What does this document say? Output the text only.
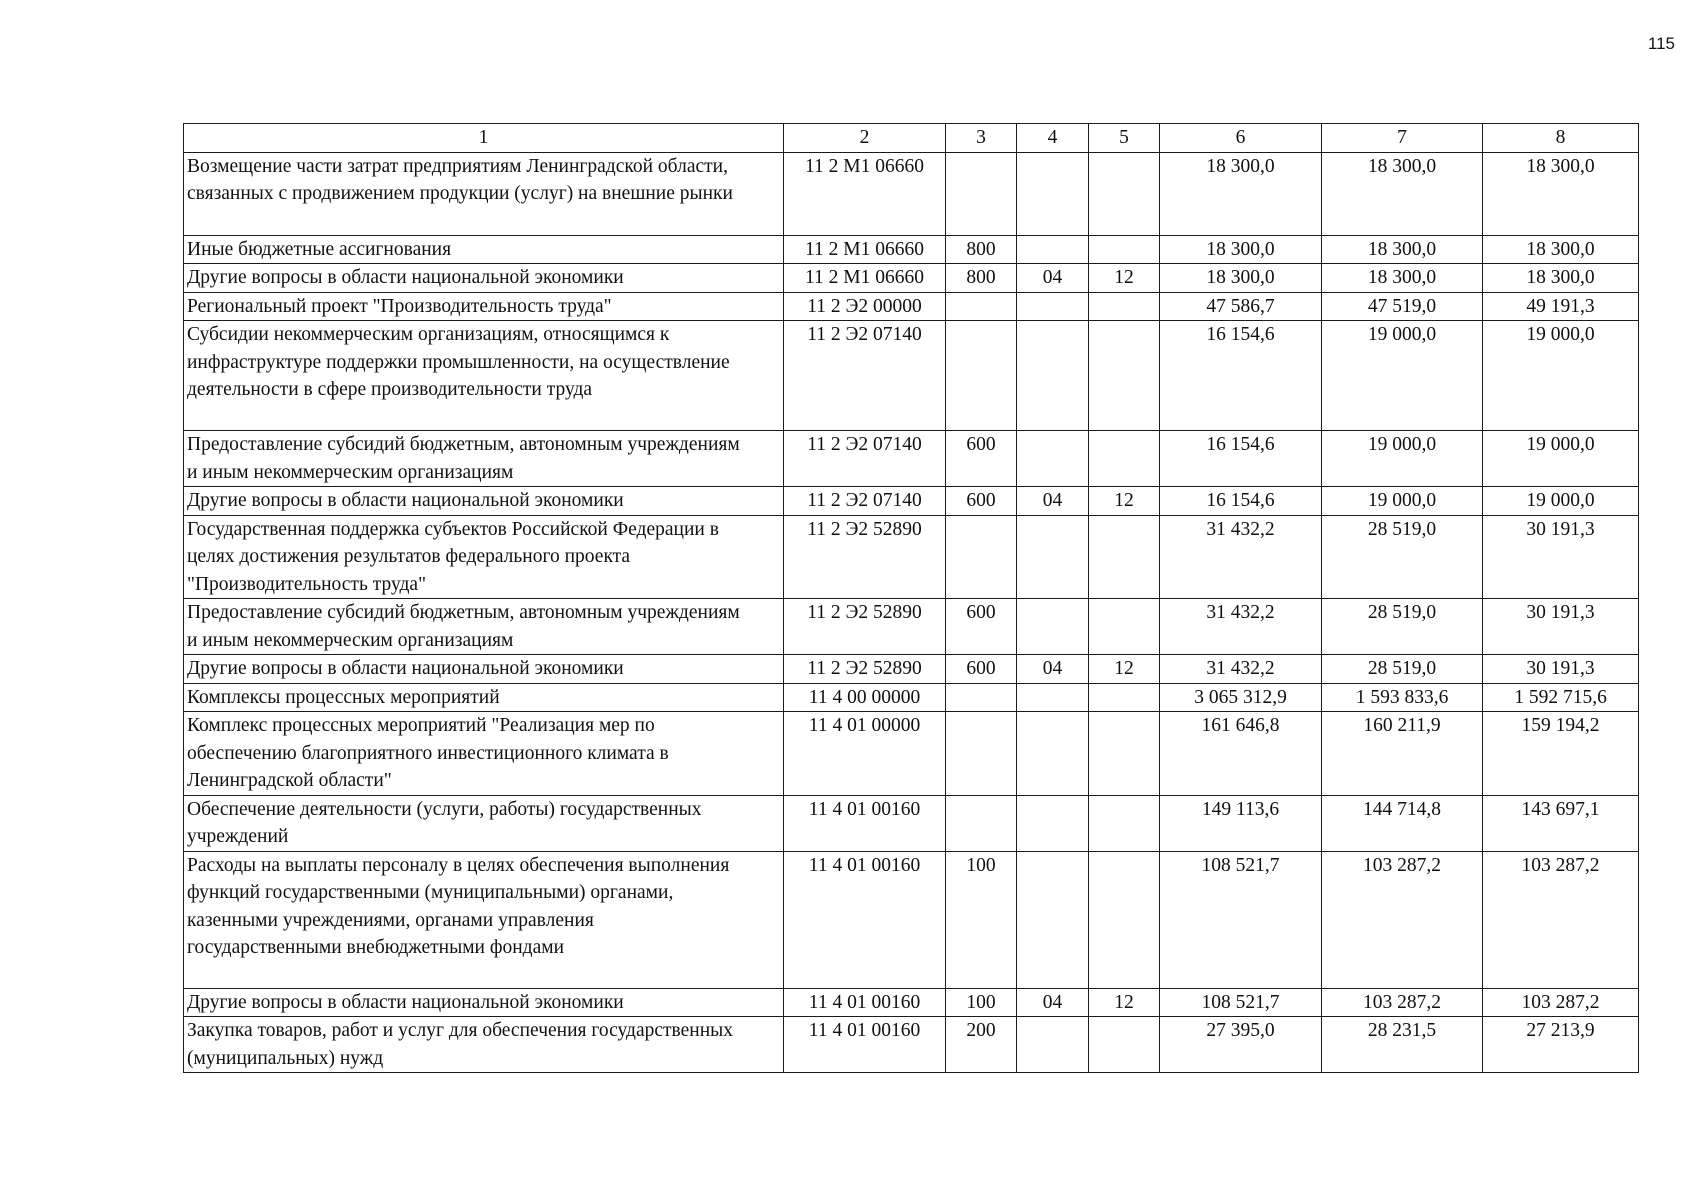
115
1	2	3	4	5	6	7	8

Возмещение части затрат предприятиям Ленинградской области,
связанных с продвижением продукции (услуг) на внешние рынки	11 2 M1 06660				18 300,0	18 300,0	18 300,0

Иные бюджетные ассигнования	11 2 M1 06660	800			18 300,0	18 300,0	18 300,0

Другие вопросы в области национальной экономики	11 2 M1 06660	800	04	12	18 300,0	18 300,0	18 300,0

Региональный проект "Производительность труда"	11 2 Э2 00000				47 586,7	47 519,0	49 191,3

Субсидии некоммерческим организациям, относящимся к
инфраструктуре поддержки промышленности, на осуществление
деятельности в сфере производительности труда	11 2 Э2 07140				16 154,6	19 000,0	19 000,0

Предоставление субсидий бюджетным, автономным учреждениям
и иным некоммерческим организациям	11 2 Э2 07140	600			16 154,6	19 000,0	19 000,0

Другие вопросы в области национальной экономики	11 2 Э2 07140	600	04	12	16 154,6	19 000,0	19 000,0

Государственная поддержка субъектов Российской Федерации в
целях достижения результатов федерального проекта
"Производительность труда"	11 2 Э2 52890				31 432,2	28 519,0	30 191,3

Предоставление субсидий бюджетным, автономным учреждениям
и иным некоммерческим организациям	11 2 Э2 52890	600			31 432,2	28 519,0	30 191,3

Другие вопросы в области национальной экономики	11 2 Э2 52890	600	04	12	31 432,2	28 519,0	30 191,3

Комплексы процессных мероприятий	11 4 00 00000				3 065 312,9	1 593 833,6	1 592 715,6

Комплекс процессных мероприятий "Реализация мер по
обеспечению благоприятного инвестиционного климата в
Ленинградской области"	11 4 01 00000				161 646,8	160 211,9	159 194,2

Обеспечение деятельности (услуги, работы) государственных
учреждений	11 4 01 00160				149 113,6	144 714,8	143 697,1

Расходы на выплаты персоналу в целях обеспечения выполнения
функций государственными (муниципальными) органами,
казенными учреждениями, органами управления
государственными внебюджетными фондами	11 4 01 00160	100			108 521,7	103 287,2	103 287,2

Другие вопросы в области национальной экономики	11 4 01 00160	100	04	12	108 521,7	103 287,2	103 287,2

Закупка товаров, работ и услуг для обеспечения государственных
(муниципальных) нужд	11 4 01 00160	200			27 395,0	28 231,5	27 213,9
